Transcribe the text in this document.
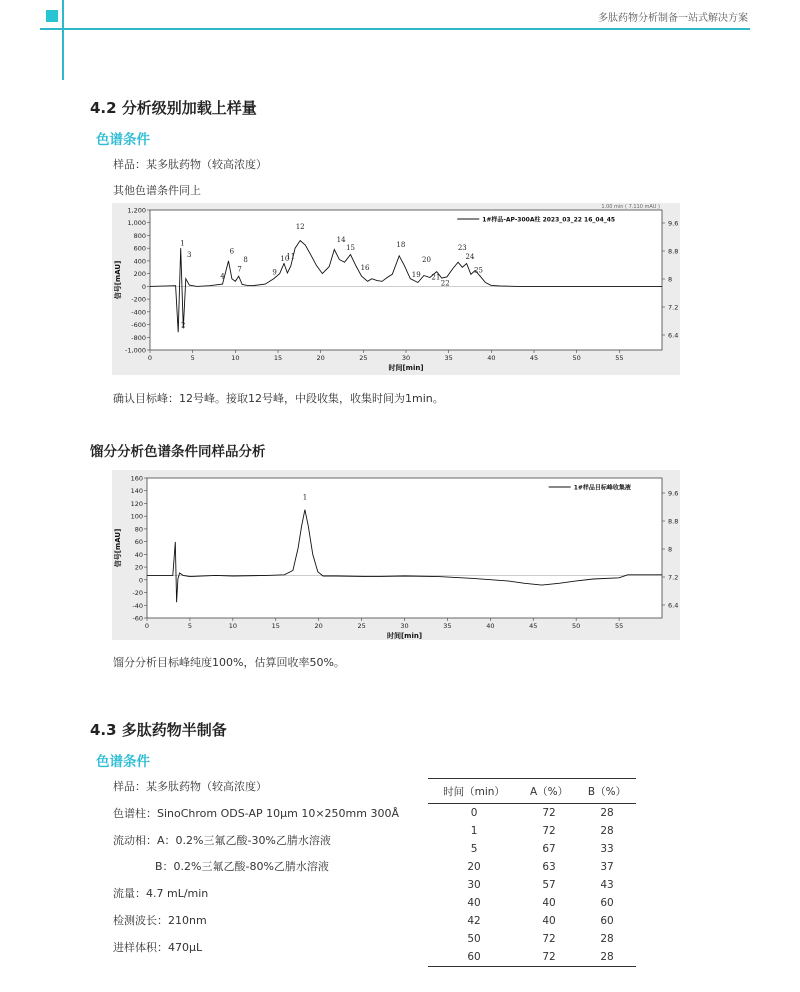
多肽药物分析制备一站式解决方案
4.2 分析级别加载上样量
色谱条件
样品：某多肽药物（较高浓度）
其他色谱条件同上
1,200
1,000
800
600
400
200
0
-200
-400
-600
-800
-1,000
0	5	10	15	20	25	30	35	40	45	50	55
9.6
8.8
8
7.2
6.4
时间[min]
信号[mAU]
1#样品-AP-300A柱 2023_03_22 16_04_45
1.00 min ( 7.110 mAU )
1
2
3
4
6
7
8
9
10
11
12
14
15
16
18
19
20
21
22
23
24
25
确认目标峰：12号峰。接取12号峰，中段收集，收集时间为1min。
馏分分析色谱条件同样品分析
160
140
120
100
80
60
40
20
0
-20
-40
-60
0	5	10	15	20	25	30	35	40	45	50	55
9.6
8.8
8
7.2
6.4
时间[min]
信号[mAU]
1#样品目标峰收集液
1
馏分分析目标峰纯度100%，估算回收率50%。
4.3 多肽药物半制备
色谱条件
样品：某多肽药物（较高浓度）
色谱柱：SinoChrom ODS-AP 10μm 10×250mm 300Å
流动相：A：0.2%三氟乙酸-30%乙腈水溶液
B：0.2%三氟乙酸-80%乙腈水溶液
流量：4.7 mL/min
检测波长：210nm
进样体积：470μL
时间（min）	A（%）	B（%）
0	72	28
1	72	28
5	67	33
20	63	37
30	57	43
40	40	60
42	40	60
50	72	28
60	72	28
